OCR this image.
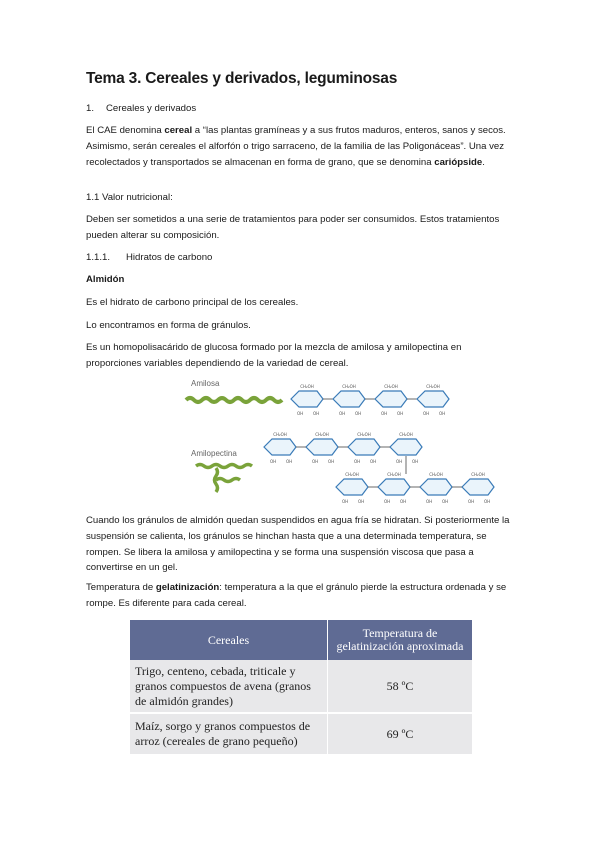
Tema 3. Cereales y derivados, leguminosas
1. Cereales y derivados
El CAE denomina cereal a “las plantas gramíneas y a sus frutos maduros, enteros, sanos y secos. Asimismo, serán cereales el alforfón o trigo sarraceno, de la familia de las Poligonáceas”. Una vez recolectados y transportados se almacenan en forma de grano, que se denomina cariópside.
1.1 Valor nutricional:
Deben ser sometidos a una serie de tratamientos para poder ser consumidos. Estos tratamientos pueden alterar su composición.
1.1.1. Hidratos de carbono
Almidón
Es el hidrato de carbono principal de los cereales.
Lo encontramos en forma de gránulos.
Es un homopolisacárido de glucosa formado por la mezcla de amilosa y amilopectina en proporciones variables dependiendo de la variedad de cereal.
CH₂OH
OH	OH
Amilosa
Amilopectina
Cuando los gránulos de almidón quedan suspendidos en agua fría se hidratan. Si posteriormente la suspensión se calienta, los gránulos se hinchan hasta que a una determinada temperatura, se rompen. Se libera la amilosa y amilopectina y se forma una suspensión viscosa que pasa a convertirse en un gel.
Temperatura de gelatinización: temperatura a la que el gránulo pierde la estructura ordenada y se rompe. Es diferente para cada cereal.
Cereales	Temperatura de gelatinización aproximada
Trigo, centeno, cebada, triticale y granos compuestos de avena (granos de almidón grandes)	58 ºC
Maíz, sorgo y granos compuestos de arroz (cereales de grano pequeño)	69 ºC
